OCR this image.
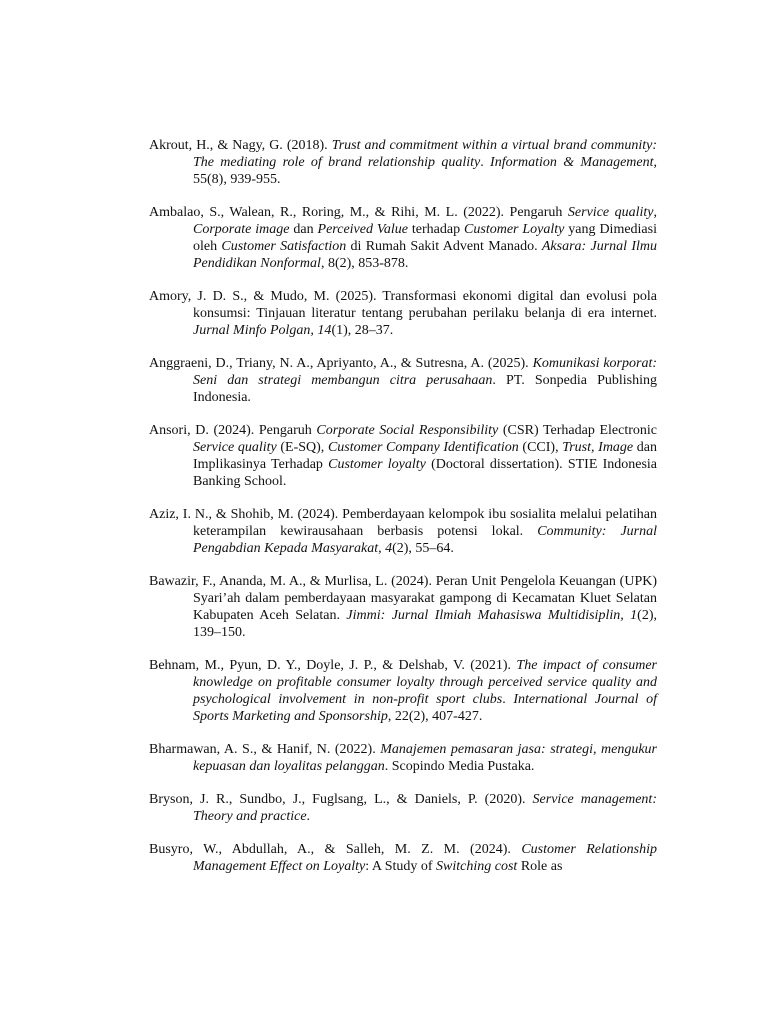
Akrout, H., & Nagy, G. (2018). Trust and commitment within a virtual brand community: The mediating role of brand relationship quality. Information & Management, 55(8), 939-955.

Ambalao, S., Walean, R., Roring, M., & Rihi, M. L. (2022). Pengaruh Service quality, Corporate image dan Perceived Value terhadap Customer Loyalty yang Dimediasi oleh Customer Satisfaction di Rumah Sakit Advent Manado. Aksara: Jurnal Ilmu Pendidikan Nonformal, 8(2), 853-878.

Amory, J. D. S., & Mudo, M. (2025). Transformasi ekonomi digital dan evolusi pola konsumsi: Tinjauan literatur tentang perubahan perilaku belanja di era internet. Jurnal Minfo Polgan, 14(1), 28–37.

Anggraeni, D., Triany, N. A., Apriyanto, A., & Sutresna, A. (2025). Komunikasi korporat: Seni dan strategi membangun citra perusahaan. PT. Sonpedia Publishing Indonesia.

Ansori, D. (2024). Pengaruh Corporate Social Responsibility (CSR) Terhadap Electronic Service quality (E-SQ), Customer Company Identification (CCI), Trust, Image dan Implikasinya Terhadap Customer loyalty (Doctoral dissertation). STIE Indonesia Banking School.

Aziz, I. N., & Shohib, M. (2024). Pemberdayaan kelompok ibu sosialita melalui pelatihan keterampilan kewirausahaan berbasis potensi lokal. Community: Jurnal Pengabdian Kepada Masyarakat, 4(2), 55–64.

Bawazir, F., Ananda, M. A., & Murlisa, L. (2024). Peran Unit Pengelola Keuangan (UPK) Syari’ah dalam pemberdayaan masyarakat gampong di Kecamatan Kluet Selatan Kabupaten Aceh Selatan. Jimmi: Jurnal Ilmiah Mahasiswa Multidisiplin, 1(2), 139–150.

Behnam, M., Pyun, D. Y., Doyle, J. P., & Delshab, V. (2021). The impact of consumer knowledge on profitable consumer loyalty through perceived service quality and psychological involvement in non-profit sport clubs. International Journal of Sports Marketing and Sponsorship, 22(2), 407-427.

Bharmawan, A. S., & Hanif, N. (2022). Manajemen pemasaran jasa: strategi, mengukur kepuasan dan loyalitas pelanggan. Scopindo Media Pustaka.

Bryson, J. R., Sundbo, J., Fuglsang, L., & Daniels, P. (2020). Service management: Theory and practice.

Busyro, W., Abdullah, A., & Salleh, M. Z. M. (2024). Customer Relationship Management Effect on Loyalty: A Study of Switching cost Role as
